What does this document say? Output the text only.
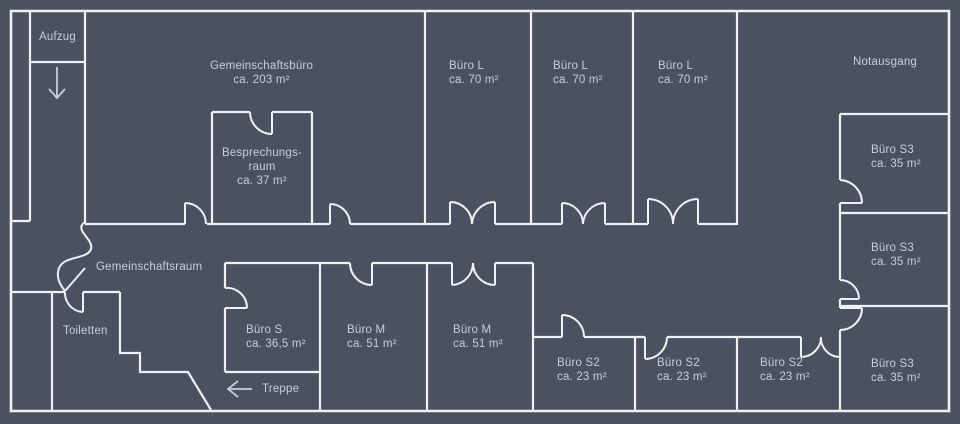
Aufzug
Gemeinschaftsbüro
ca. 203 m²
Büro L
ca. 70 m²
Büro L
ca. 70 m²
Büro L
ca. 70 m²
Notausgang
Besprechungs-
raum
ca. 37 m²
Büro S3
ca. 35 m²
Büro S3
ca. 35 m²
Büro S3
ca. 35 m²
Gemeinschaftsraum
Toiletten	Büro S
ca. 36,5 m²
Büro M
ca. 51 m²
Büro M
ca. 51 m²
Büro S2
ca. 23 m²
Büro S2
ca. 23 m²
Büro S2
ca. 23 m²
Treppe
